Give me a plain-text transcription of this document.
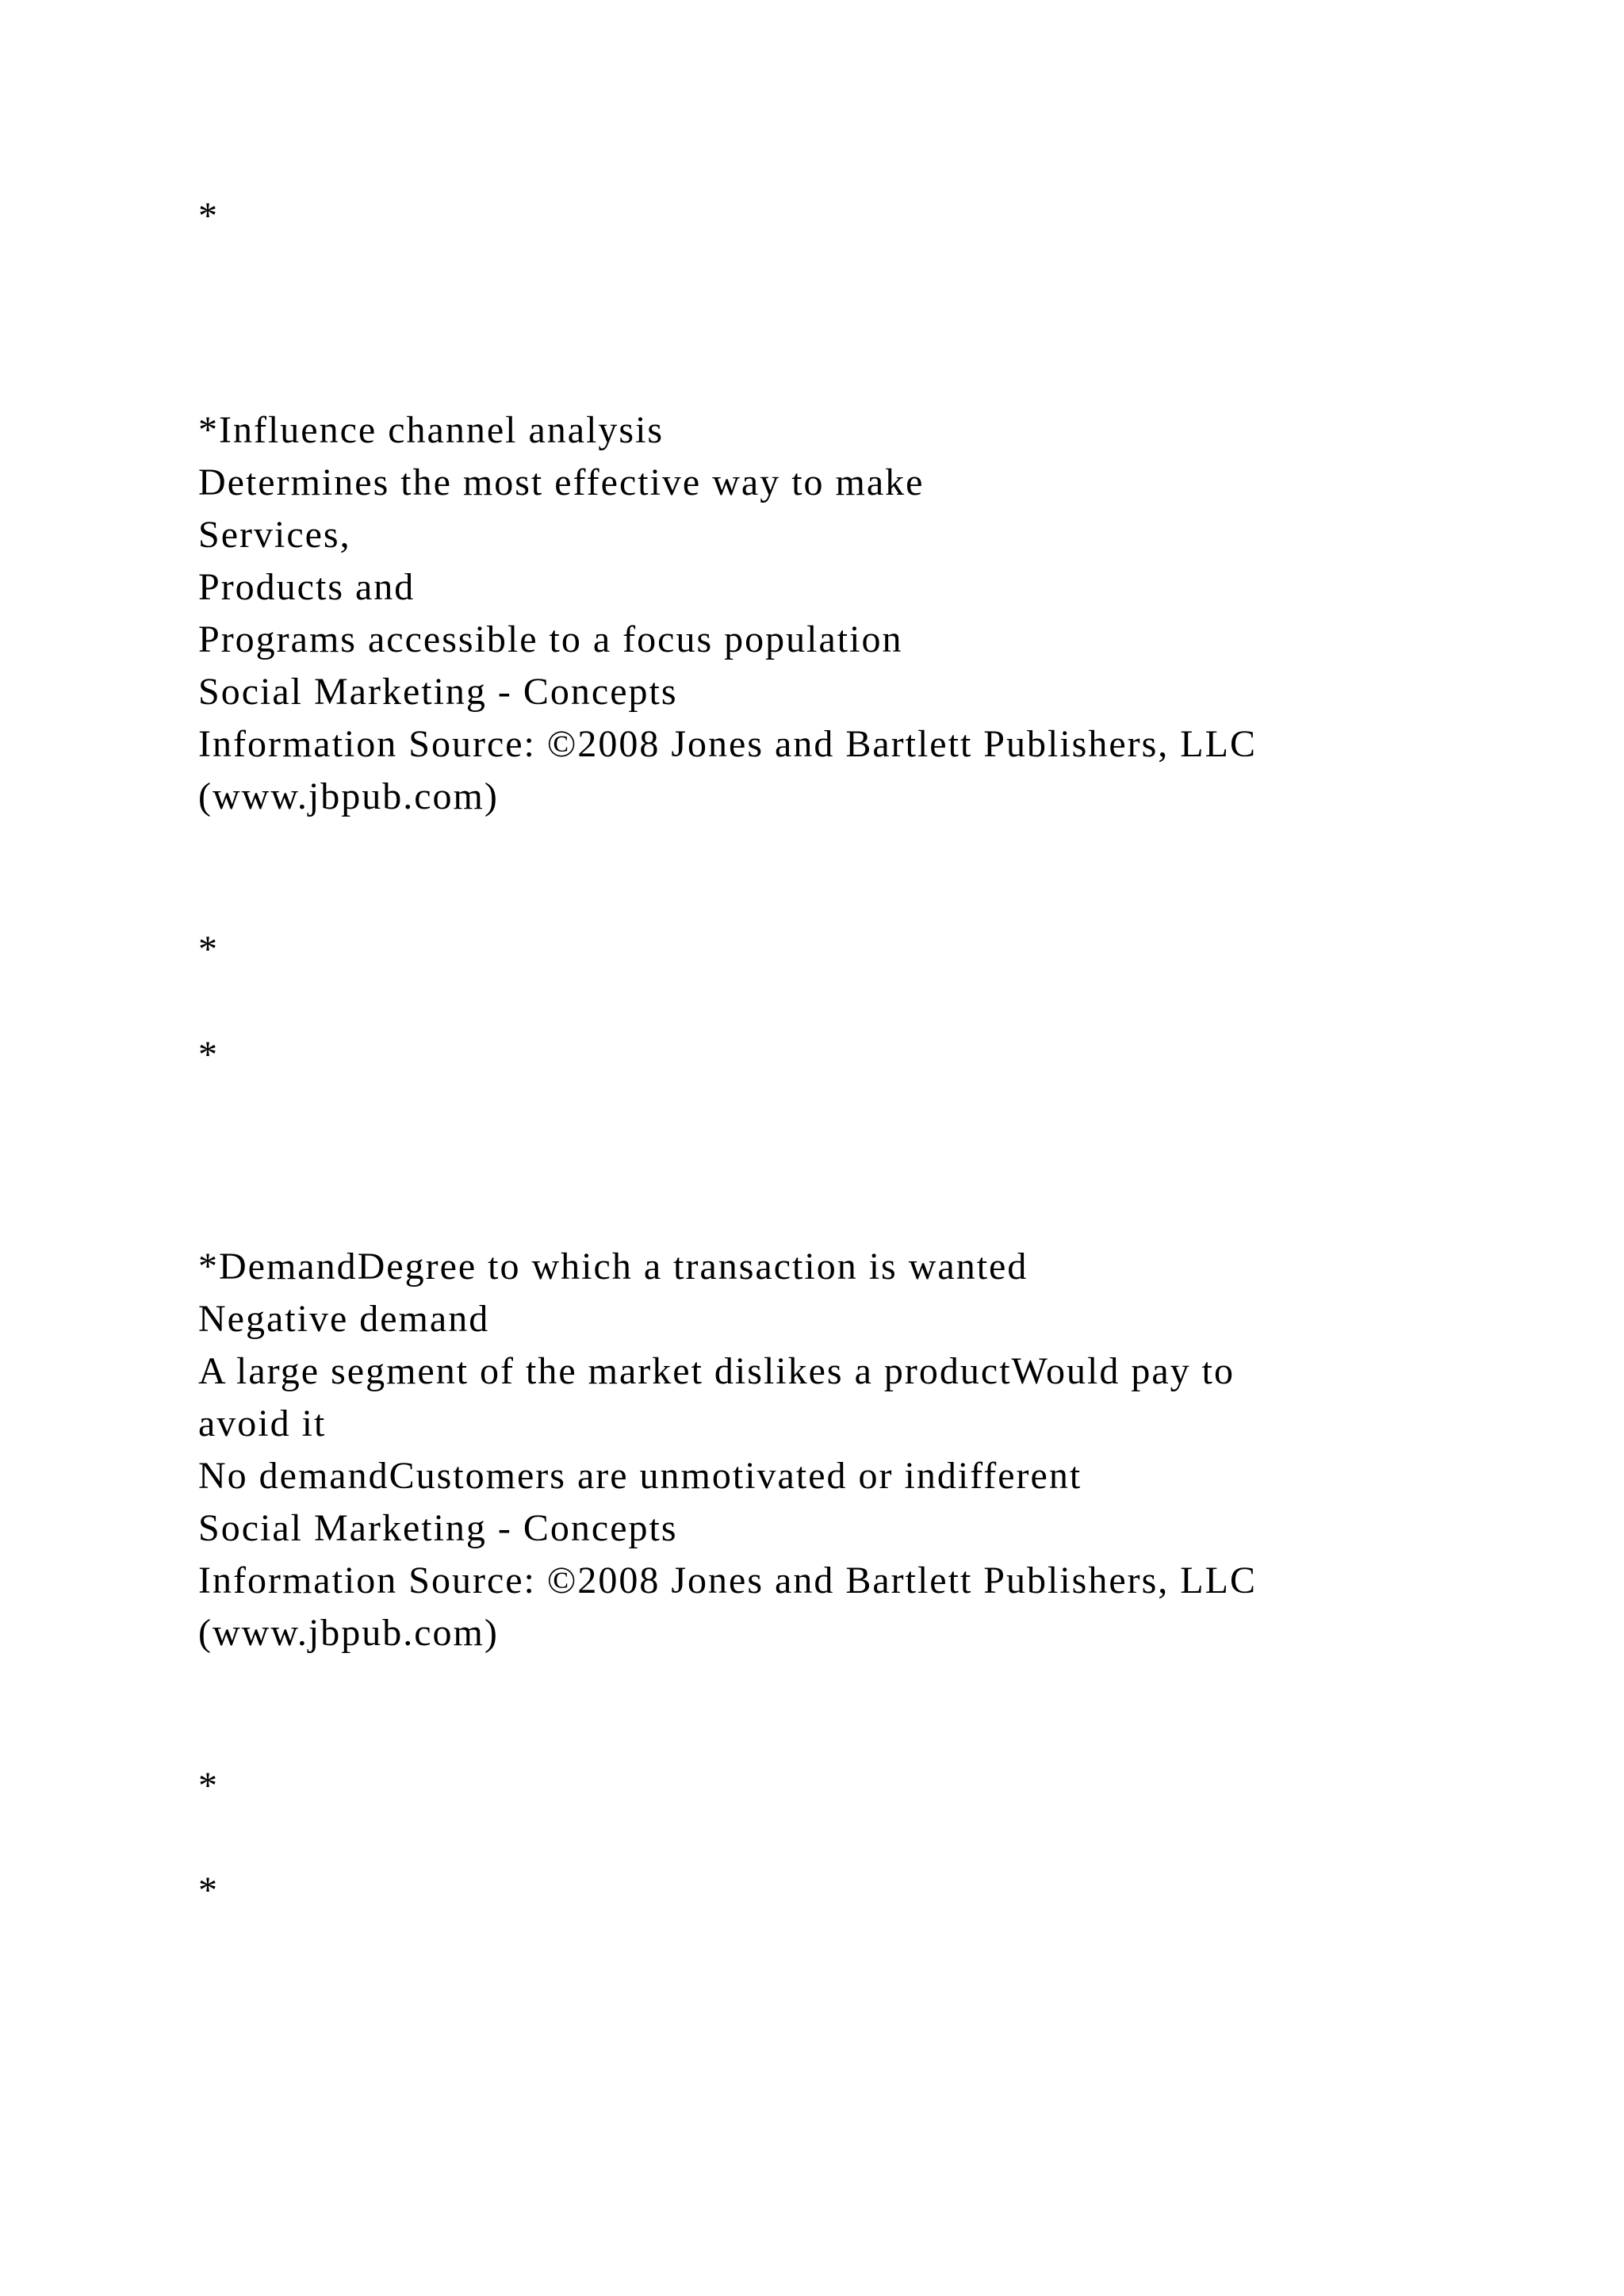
*

*Influence channel analysis

Determines the most effective way to make

Services,

Products and

Programs accessible to a focus population

Social Marketing - Concepts

Information Source: ©2008 Jones and Bartlett Publishers, LLC

(www.jbpub.com)

*

*

*DemandDegree to which a transaction is wanted

Negative demand

A large segment of the market dislikes a productWould pay to

avoid it

No demandCustomers are unmotivated or indifferent

Social Marketing - Concepts

Information Source: ©2008 Jones and Bartlett Publishers, LLC

(www.jbpub.com)

*

*
